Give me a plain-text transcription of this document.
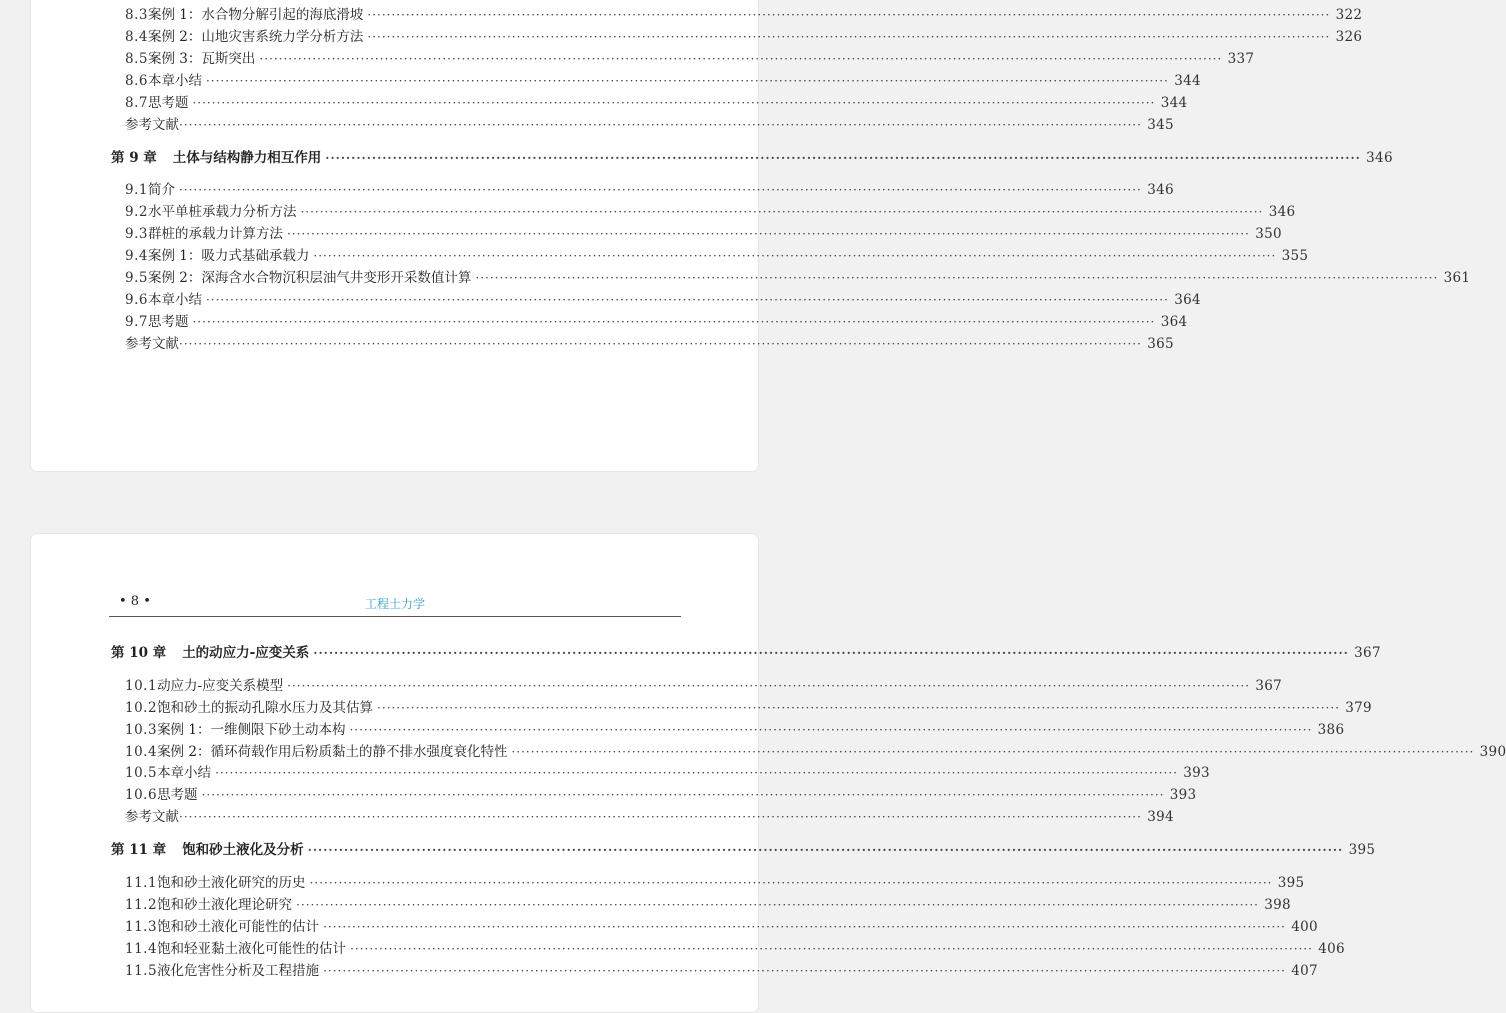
8.3 案例 1：水合物分解引起的海底滑坡 ········································································································································································································ 322
8.4 案例 2：山地灾害系统力学分析方法 ········································································································································································································ 326
8.5 案例 3：瓦斯突出 ········································································································································································································ 337
8.6 本章小结 ········································································································································································································ 344
8.7 思考题 ········································································································································································································ 344
参考文献 ········································································································································································································ 345
第 9 章 土体与结构静力相互作用 ········································································································································································································ 346
9.1 简介 ········································································································································································································ 346
9.2 水平单桩承载力分析方法 ········································································································································································································ 346
9.3 群桩的承载力计算方法 ········································································································································································································ 350
9.4 案例 1：吸力式基础承载力 ········································································································································································································ 355
9.5 案例 2：深海含水合物沉积层油气井变形开采数值计算 ········································································································································································································ 361
9.6 本章小结 ········································································································································································································ 364
9.7 思考题 ········································································································································································································ 364
参考文献 ········································································································································································································ 365
• 8 •	工程土力学
第 10 章 土的动应力-应变关系 ········································································································································································································ 367
10.1 动应力-应变关系模型 ········································································································································································································ 367
10.2 饱和砂土的振动孔隙水压力及其估算 ········································································································································································································ 379
10.3 案例 1：一维侧限下砂土动本构 ········································································································································································································ 386
10.4 案例 2：循环荷载作用后粉质黏土的静不排水强度衰化特性 ········································································································································································································ 390
10.5 本章小结 ········································································································································································································ 393
10.6 思考题 ········································································································································································································ 393
参考文献 ········································································································································································································ 394
第 11 章 饱和砂土液化及分析 ········································································································································································································ 395
11.1 饱和砂土液化研究的历史 ········································································································································································································ 395
11.2 饱和砂土液化理论研究 ········································································································································································································ 398
11.3 饱和砂土液化可能性的估计 ········································································································································································································ 400
11.4 饱和轻亚黏土液化可能性的估计 ········································································································································································································ 406
11.5 液化危害性分析及工程措施 ········································································································································································································ 407
